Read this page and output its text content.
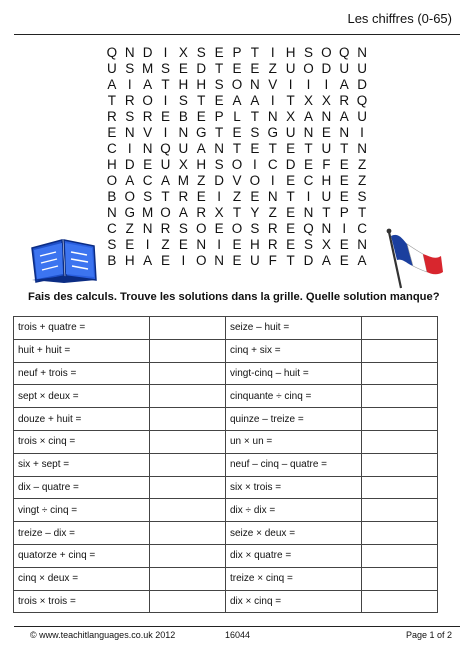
Les chiffres (0-65)
Q N D I X S E P T I H S O Q N
U S M S E D T E E Z U O D U U
A I A T H H S O N V I	I	I A D
T R O I S T E A A I T X X R Q
R S R E B E P L T N X A N A U
E N V I N G T E S G U N E N I
C I N Q U A N T E T E T U T N
H D E U X H S O I C D E F E Z
O A C A M Z D V O I E C H E Z
B O S T R E I Z E N T I U E S
N G M O A R X T Y Z E N T P T
C Z N R S O E O S R E Q N I C
S E I Z E N I E H R E S X E N
B H A E I O N E U F T D A E A
Fais des calculs. Trouve les solutions dans la grille. Quelle solution manque?
trois + quatre =		seize – huit =	
huit + huit =		cinq + six =	
neuf + trois =		vingt-cinq – huit =	
sept × deux =		cinquante ÷ cinq =	
douze + huit =		quinze – treize =	
trois × cinq =		un × un =	
six + sept =		neuf – cinq – quatre =	
dix – quatre =		six × trois =	
vingt ÷ cinq =		dix ÷ dix =	
treize – dix =		seize × deux =	
quatorze + cinq =		dix × quatre =	
cinq × deux =		treize × cinq =	
trois × trois =		dix × cinq =	
© www.teachitlanguages.co.uk 2012	16044	Page 1 of 2
